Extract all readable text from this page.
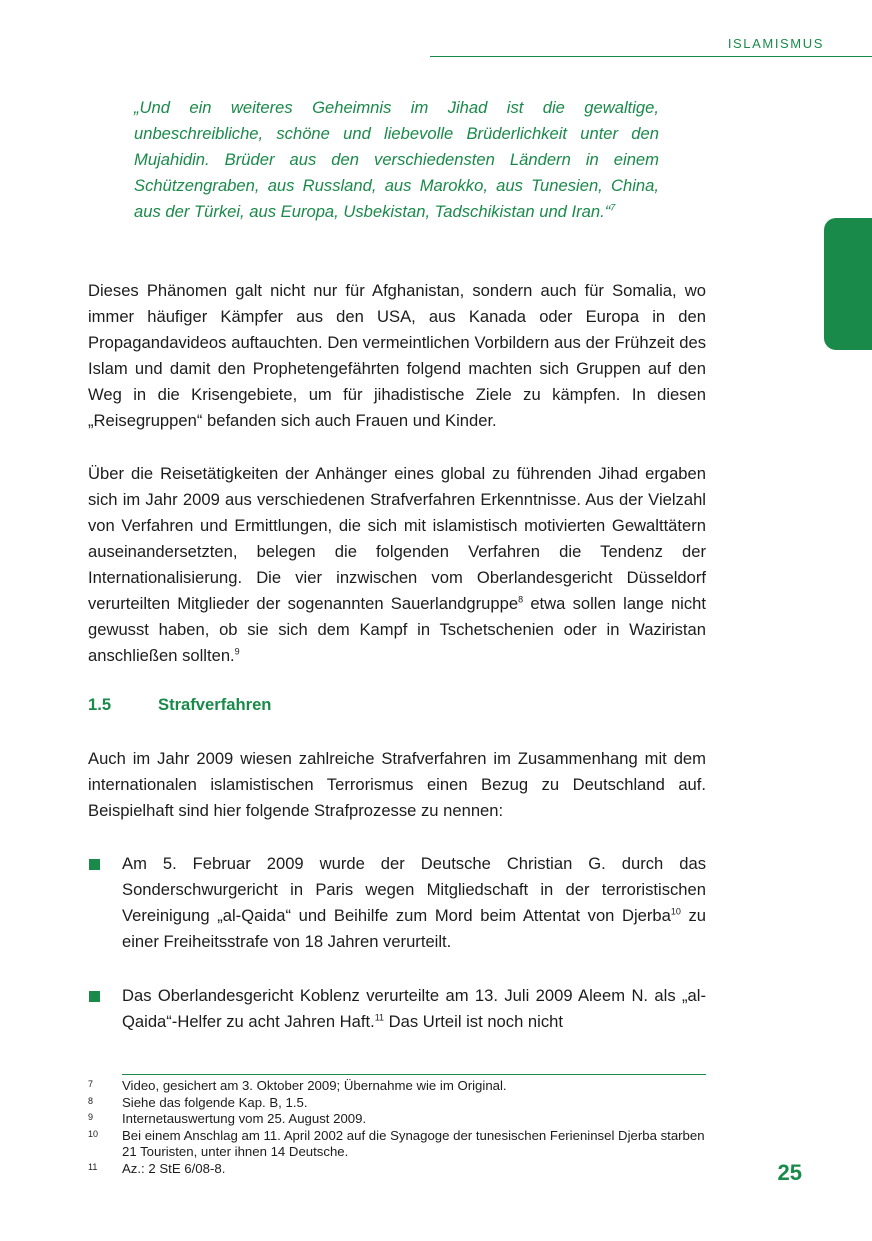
ISLAMISMUS

„Und ein weiteres Geheimnis im Jihad ist die gewaltige, unbeschreibliche, schöne und liebevolle Brüderlichkeit unter den Mujahidin. Brüder aus den verschiedensten Ländern in einem Schützengraben, aus Russland, aus Marokko, aus Tunesien, China, aus der Türkei, aus Europa, Usbekistan, Tadschikistan und Iran.“$^7$

Dieses Phänomen galt nicht nur für Afghanistan, sondern auch für Somalia, wo immer häufiger Kämpfer aus den USA, aus Kanada oder Europa in den Propagandavideos auftauchten. Den vermeintlichen Vorbildern aus der Frühzeit des Islam und damit den Prophetengefährten folgend machten sich Gruppen auf den Weg in die Krisengebiete, um für jihadistische Ziele zu kämpfen. In diesen „Reisegruppen“ befanden sich auch Frauen und Kinder.

Über die Reisetätigkeiten der Anhänger eines global zu führenden Jihad ergaben sich im Jahr 2009 aus verschiedenen Strafverfahren Erkenntnisse. Aus der Vielzahl von Verfahren und Ermittlungen, die sich mit islamistisch motivierten Gewalttätern auseinandersetzten, belegen die folgenden Verfahren die Tendenz der Internationalisierung. Die vier inzwischen vom Oberlandesgericht Düsseldorf verurteilten Mitglieder der sogenannten Sauerlandgruppe$^8$ etwa sollen lange nicht gewusst haben, ob sie sich dem Kampf in Tschetschenien oder in Waziristan anschließen sollten.$^9$

1.5	Strafverfahren

Auch im Jahr 2009 wiesen zahlreiche Strafverfahren im Zusammenhang mit dem internationalen islamistischen Terrorismus einen Bezug zu Deutschland auf. Beispielhaft sind hier folgende Strafprozesse zu nennen:

Am 5. Februar 2009 wurde der Deutsche Christian G. durch das Sonderschwurgericht in Paris wegen Mitgliedschaft in der terroristischen Vereinigung „al-Qaida“ und Beihilfe zum Mord beim Attentat von Djerba$^{10}$ zu einer Freiheitsstrafe von 18 Jahren verurteilt.

Das Oberlandesgericht Koblenz verurteilte am 13. Juli 2009 Aleem N. als „al-Qaida“-Helfer zu acht Jahren Haft.$^{11}$ Das Urteil ist noch nicht

7 Video, gesichert am 3. Oktober 2009; Übernahme wie im Original.
8 Siehe das folgende Kap. B, 1.5.
9 Internetauswertung vom 25. August 2009.
10 Bei einem Anschlag am 11. April 2002 auf die Synagoge der tunesischen Ferieninsel Djerba starben 21 Touristen, unter ihnen 14 Deutsche.
11 Az.: 2 StE 6/08-8.	25
